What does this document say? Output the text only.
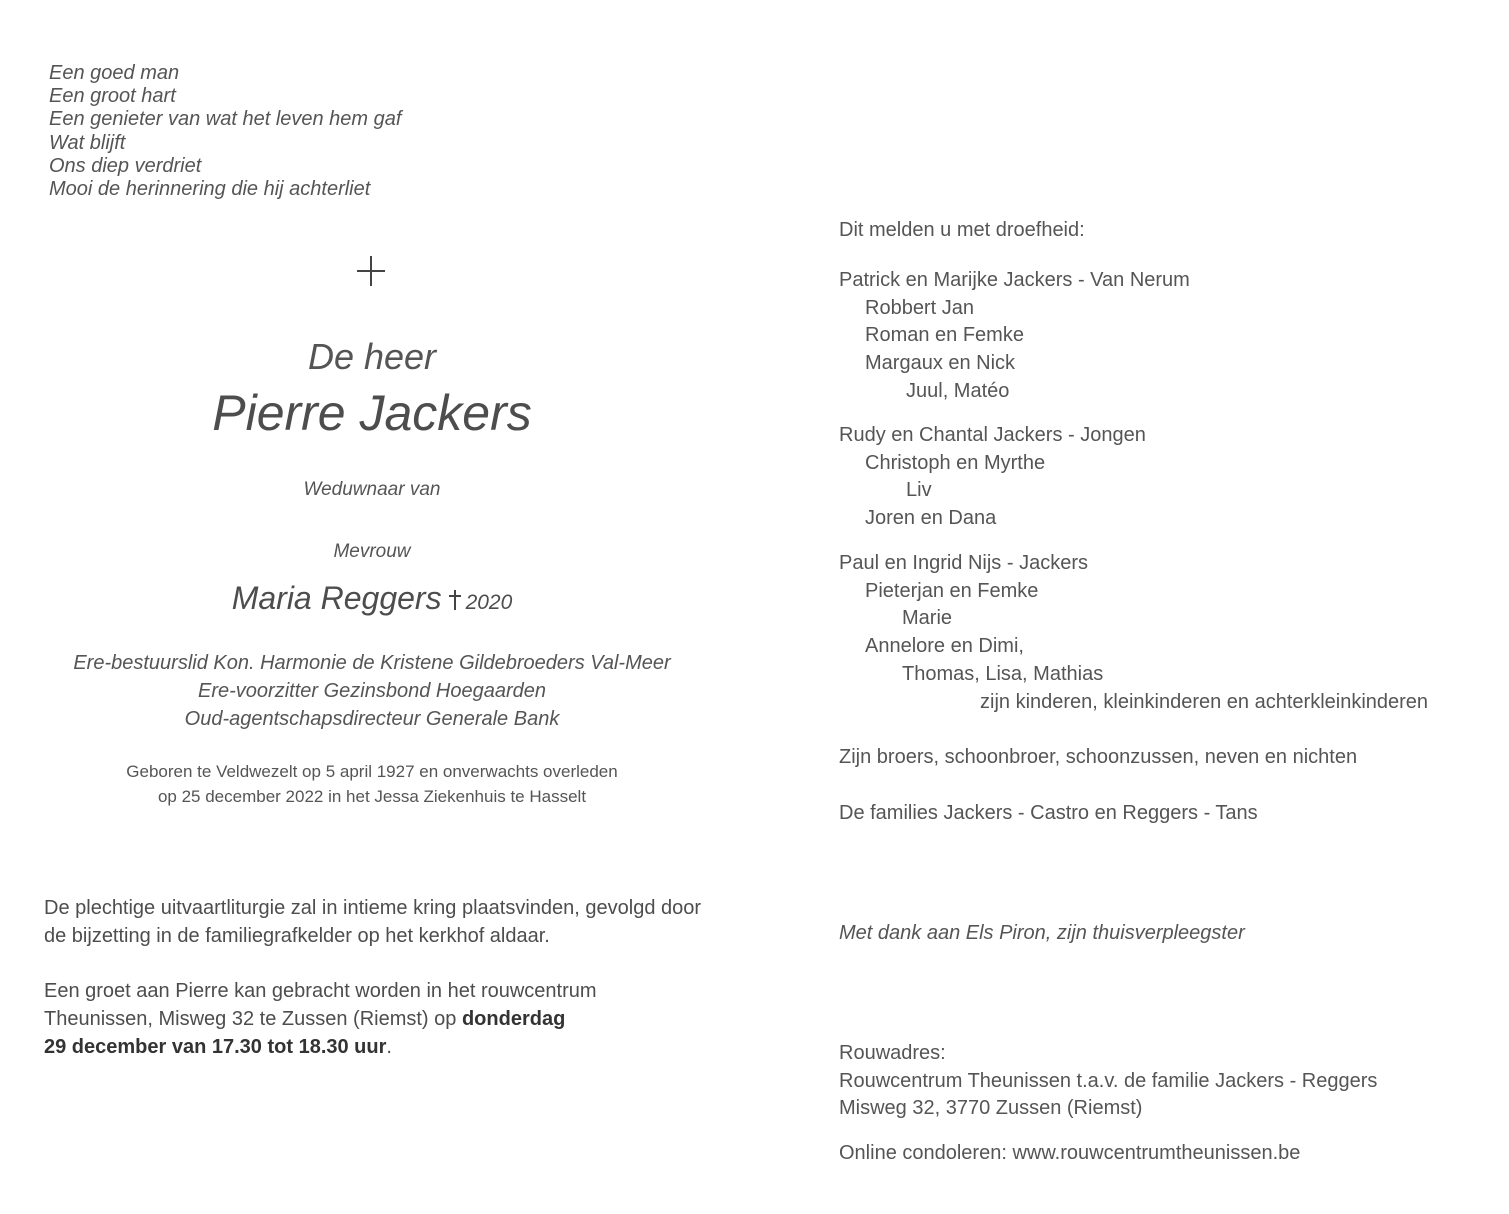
Een goed man
Een groot hart
Een genieter van wat het leven hem gaf
Wat blijft
Ons diep verdriet
Mooi de herinnering die hij achterliet
De heer
Pierre Jackers
Weduwnaar van
Mevrouw
Maria Reggers 2020
Ere-bestuurslid Kon. Harmonie de Kristene Gildebroeders Val-Meer
Ere-voorzitter Gezinsbond Hoegaarden
Oud-agentschapsdirecteur Generale Bank
Geboren te Veldwezelt op 5 april 1927 en onverwachts overleden
op 25 december 2022 in het Jessa Ziekenhuis te Hasselt

De plechtige uitvaartliturgie zal in intieme kring plaatsvinden, gevolgd door de bijzetting in de familiegrafkelder op het kerkhof aldaar.

Een groet aan Pierre kan gebracht worden in het rouwcentrum
Theunissen, Misweg 32 te Zussen (Riemst) op donderdag
29 december van 17.30 tot 18.30 uur.

Dit melden u met droefheid:
Patrick en Marijke Jackers - Van Nerum
Robbert Jan
Roman en Femke
Margaux en Nick
Juul, Matéo
Rudy en Chantal Jackers - Jongen
Christoph en Myrthe
Liv
Joren en Dana
Paul en Ingrid Nijs - Jackers
Pieterjan en Femke
Marie
Annelore en Dimi,
Thomas, Lisa, Mathias
zijn kinderen, kleinkinderen en achterkleinkinderen
Zijn broers, schoonbroer, schoonzussen, neven en nichten
De families Jackers - Castro en Reggers - Tans
Met dank aan Els Piron, zijn thuisverpleegster
Rouwadres:
Rouwcentrum Theunissen t.a.v. de familie Jackers - Reggers
Misweg 32, 3770 Zussen (Riemst)
Online condoleren: www.rouwcentrumtheunissen.be
